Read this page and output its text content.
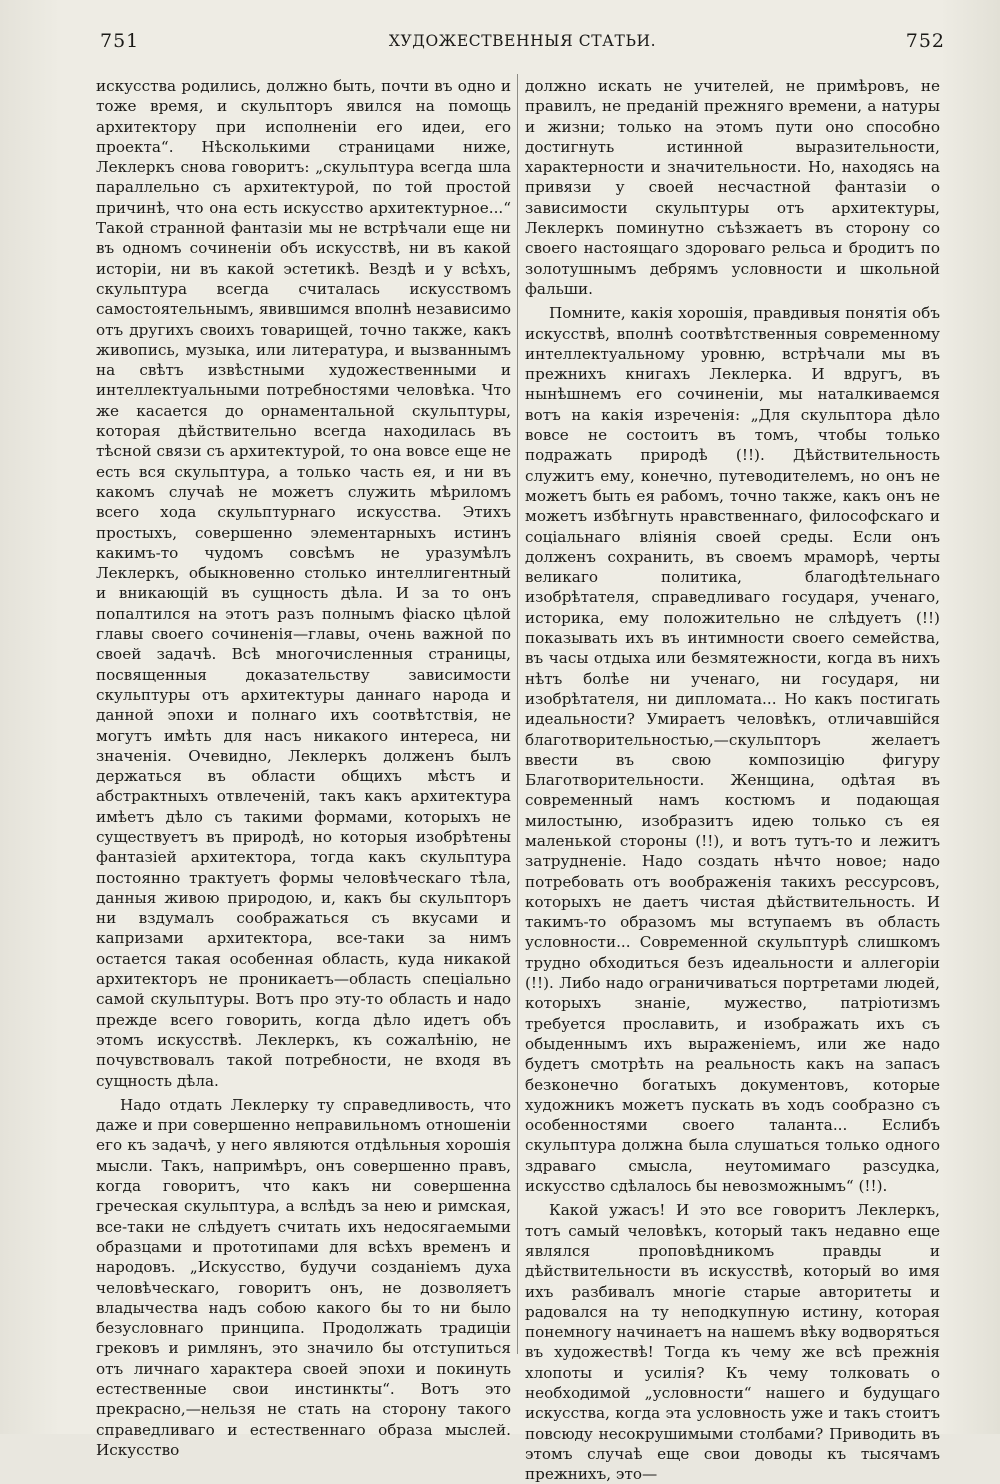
751	ХУДОЖЕСТВЕННЫЯ СТАТЬИ.	752

искусства родились, должно быть, почти въ одно и тоже время, и скульпторъ явился на помощь архитектору при исполненіи его идеи, его проекта“. Нѣсколькими страницами ниже, Леклеркъ снова говоритъ: „скульптура всегда шла параллельно съ архитектурой, по той простой причинѣ, что она есть искусство архитектурное...“ Такой странной фантазіи мы не встрѣчали еще ни въ одномъ сочиненіи объ искусствѣ, ни въ какой исторіи, ни въ какой эстетикѣ. Вездѣ и у всѣхъ, скульптура всегда считалась искусствомъ самостоятельнымъ, явившимся вполнѣ независимо отъ другихъ своихъ товарищей, точно также, какъ живопись, музыка, или литература, и вызваннымъ на свѣтъ извѣстными художественными и интеллектуальными потребностями человѣка. Что же касается до орнаментальной скульптуры, которая дѣйствительно всегда находилась въ тѣсной связи съ архитектурой, то она вовсе еще не есть вся скульптура, а только часть ея, и ни въ какомъ случаѣ не можетъ служить мѣриломъ всего хода скульптурнаго искусства. Этихъ простыхъ, совершенно элементарныхъ истинъ какимъ-то чудомъ совсѣмъ не уразумѣлъ Леклеркъ, обыкновенно столько интеллигентный и вникающій въ сущность дѣла. И за то онъ попалтился на этотъ разъ полнымъ фіаско цѣлой главы своего сочиненія—главы, очень важной по своей задачѣ. Всѣ многочисленныя страницы, посвященныя доказательству зависимости скульптуры отъ архитектуры даннаго народа и данной эпохи и полнаго ихъ соотвѣтствія, не могутъ имѣть для насъ никакого интереса, ни значенія. Очевидно, Леклеркъ долженъ былъ держаться въ области общихъ мѣстъ и абстрактныхъ отвлеченій, такъ какъ архитектура имѣетъ дѣло съ такими формами, которыхъ не существуетъ въ природѣ, но которыя изобрѣтены фантазіей архитектора, тогда какъ скульптура постоянно трактуетъ формы человѣческаго тѣла, данныя живою природою, и, какъ бы скульпторъ ни вздумалъ соображаться съ вкусами и капризами архитектора, все-таки за нимъ остается такая особенная область, куда никакой архитекторъ не проникаетъ—область спеціально самой скульптуры. Вотъ про эту-то область и надо прежде всего говорить, когда дѣло идетъ объ этомъ искусствѣ. Леклеркъ, къ сожалѣнію, не почувствовалъ такой потребности, не входя въ сущность дѣла.

Надо отдать Леклерку ту справедливость, что даже и при совершенно неправильномъ отношеніи его къ задачѣ, у него являются отдѣльныя хорошія мысли. Такъ, напримѣръ, онъ совершенно правъ, когда говоритъ, что какъ ни совершенна греческая скульптура, а вслѣдъ за нею и римская, все-таки не слѣдуетъ считать ихъ недосягаемыми образцами и прототипами для всѣхъ временъ и народовъ. „Искусство, будучи созданіемъ духа человѣческаго, говоритъ онъ, не дозволяетъ владычества надъ собою какого бы то ни было безусловнаго принципа. Продолжать традиціи грековъ и римлянъ, это значило бы отступиться отъ личнаго характера своей эпохи и покинуть естественные свои инстинкты“. Вотъ это прекрасно,—нельзя не стать на сторону такого справедливаго и естественнаго образа мыслей. Искусство

должно искать не учителей, не примѣровъ, не правилъ, не преданій прежняго времени, а натуры и жизни; только на этомъ пути оно способно достигнуть истинной выразительности, характерности и значительности. Но, находясь на привязи у своей несчастной фантазіи о зависимости скульптуры отъ архитектуры, Леклеркъ поминутно съѣзжаетъ въ сторону со своего настоящаго здороваго рельса и бродитъ по золотушнымъ дебрямъ условности и школьной фальши.

Помните, какія хорошія, правдивыя понятія объ искусствѣ, вполнѣ соотвѣтственныя современному интеллектуальному уровню, встрѣчали мы въ прежнихъ книгахъ Леклерка. И вдругъ, въ нынѣшнемъ его сочиненіи, мы наталкиваемся вотъ на какія изреченія: „Для скульптора дѣло вовсе не состоитъ въ томъ, чтобы только подражать природѣ (!!). Дѣйствительность служитъ ему, конечно, путеводителемъ, но онъ не можетъ быть ея рабомъ, точно также, какъ онъ не можетъ избѣгнуть нравственнаго, философскаго и соціальнаго вліянія своей среды. Если онъ долженъ сохранить, въ своемъ мраморѣ, черты великаго политика, благодѣтельнаго изобрѣтателя, справедливаго государя, ученаго, историка, ему положительно не слѣдуетъ (!!) показывать ихъ въ интимности своего семейства, въ часы отдыха или безмятежности, когда въ нихъ нѣтъ болѣе ни ученаго, ни государя, ни изобрѣтателя, ни дипломата... Но какъ постигать идеальности? Умираетъ человѣкъ, отличавшійся благотворительностью,—скульпторъ желаетъ ввести въ свою композицію фигуру Благотворительности. Женщина, одѣтая въ современный намъ костюмъ и подающая милостыню, изобразитъ идею только съ ея маленькой стороны (!!), и вотъ тутъ-то и лежитъ затрудненіе. Надо создать нѣчто новое; надо потребовать отъ воображенія такихъ рессурсовъ, которыхъ не даетъ чистая дѣйствительность. И такимъ-то образомъ мы вступаемъ въ область условности... Современной скульптурѣ слишкомъ трудно обходиться безъ идеальности и аллегоріи (!!). Либо надо ограничиваться портретами людей, которыхъ знаніе, мужество, патріотизмъ требуется прославить, и изображать ихъ съ обыденнымъ ихъ выраженіемъ, или же надо будетъ смотрѣть на реальность какъ на запасъ безконечно богатыхъ документовъ, которые художникъ можетъ пускать въ ходъ сообразно съ особенностями своего таланта... Еслибъ скульптура должна была слушаться только одного здраваго смысла, неутомимаго разсудка, искусство сдѣлалось бы невозможнымъ“ (!!).

Какой ужасъ! И это все говоритъ Леклеркъ, тотъ самый человѣкъ, который такъ недавно еще являлся проповѣдникомъ правды и дѣйствительности въ искусствѣ, который во имя ихъ разбивалъ многіе старые авторитеты и радовался на ту неподкупную истину, которая понемногу начинаетъ на нашемъ вѣку водворяться въ художествѣ! Тогда къ чему же всѣ прежнія хлопоты и усилія? Къ чему толковать о необходимой „условности“ нашего и будущаго искусства, когда эта условность уже и такъ стоитъ повсюду несокрушимыми столбами? Приводить въ этомъ случаѣ еще свои доводы къ тысячамъ прежнихъ, это—
